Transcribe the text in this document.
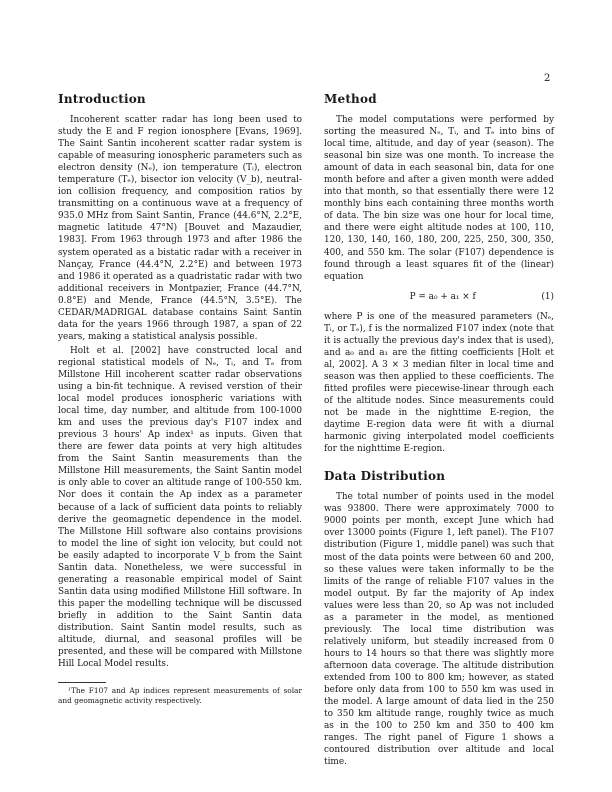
2
Introduction

Incoherent scatter radar has long been used to study the E and F region ionosphere [Evans, 1969]. The Saint Santin incoherent scatter radar system is capable of measuring ionospheric parameters such as electron density (Nₑ), ion temperature (Tᵢ), electron temperature (Tₑ), bisector ion velocity (V_b), neutral-ion collision frequency, and composition ratios by transmitting on a continuous wave at a frequency of 935.0 MHz from Saint Santin, France (44.6°N, 2.2°E, magnetic latitude 47°N) [Bouvet and Mazaudier, 1983]. From 1963 through 1973 and after 1986 the system operated as a bistatic radar with a receiver in Nançay, France (44.4°N, 2.2°E) and between 1973 and 1986 it operated as a quadristatic radar with two additional receivers in Montpazier, France (44.7°N, 0.8°E) and Mende, France (44.5°N, 3.5°E). The CEDAR/MADRIGAL database contains Saint Santin data for the years 1966 through 1987, a span of 22 years, making a statistical analysis possible.

Holt et al. [2002] have constructed local and regional statistical models of Nₑ, Tᵢ, and Tₑ from Millstone Hill incoherent scatter radar observations using a bin-fit technique. A revised verstion of their local model produces ionospheric variations with local time, day number, and altitude from 100-1000 km and uses the previous day's F107 index and previous 3 hours' Ap index¹ as inputs. Given that there are fewer data points at very high altitudes from the Saint Santin measurements than the Millstone Hill measurements, the Saint Santin model is only able to cover an altitude range of 100-550 km. Nor does it contain the Ap index as a parameter because of a lack of sufficient data points to reliably derive the geomagnetic dependence in the model. The Millstone Hill software also contains provisions to model the line of sight ion velocity, but could not be easily adapted to incorporate V_b from the Saint Santin data. Nonetheless, we were successful in generating a reasonable empirical model of Saint Santin data using modified Millstone Hill software. In this paper the modelling technique will be discussed briefly in addition to the Saint Santin data distribution. Saint Santin model results, such as altitude, diurnal, and seasonal profiles will be presented, and these will be compared with Millstone Hill Local Model results.

¹The F107 and Ap indices represent measurements of solar and geomagnetic activity respectively.
Method

The model computations were performed by sorting the measured Nₑ, Tᵢ, and Tₑ into bins of local time, altitude, and day of year (season). The seasonal bin size was one month. To increase the amount of data in each seasonal bin, data for one month before and after a given month were added into that month, so that essentially there were 12 monthly bins each containing three months worth of data. The bin size was one hour for local time, and there were eight altitude nodes at 100, 110, 120, 130, 140, 160, 180, 200, 225, 250, 300, 350, 400, and 550 km. The solar (F107) dependence is found through a least squares fit of the (linear) equation

P = a₀ + a₁ × f	(1)

where P is one of the measured parameters (Nₑ, Tᵢ, or Tₑ), f is the normalized F107 index (note that it is actually the previous day's index that is used), and a₀ and a₁ are the fitting coefficients [Holt et al, 2002]. A 3 × 3 median filter in local time and season was then applied to these coefficients. The fitted profiles were piecewise-linear through each of the altitude nodes. Since measurements could not be made in the nighttime E-region, the daytime E-region data were fit with a diurnal harmonic giving interpolated model coefficients for the nighttime E-region.

Data Distribution

The total number of points used in the model was 93800. There were approximately 7000 to 9000 points per month, except June which had over 13000 points (Figure 1, left panel). The F107 distribution (Figure 1, middle panel) was such that most of the data points were between 60 and 200, so these values were taken informally to be the limits of the range of reliable F107 values in the model output. By far the majority of Ap index values were less than 20, so Ap was not included as a parameter in the model, as mentioned previously. The local time distribution was relatively uniform, but steadily increased from 0 hours to 14 hours so that there was slightly more afternoon data coverage. The altitude distribution extended from 100 to 800 km; however, as stated before only data from 100 to 550 km was used in the model. A large amount of data lied in the 250 to 350 km altitude range, roughly twice as much as in the 100 to 250 km and 350 to 400 km ranges. The right panel of Figure 1 shows a contoured distribution over altitude and local time.
